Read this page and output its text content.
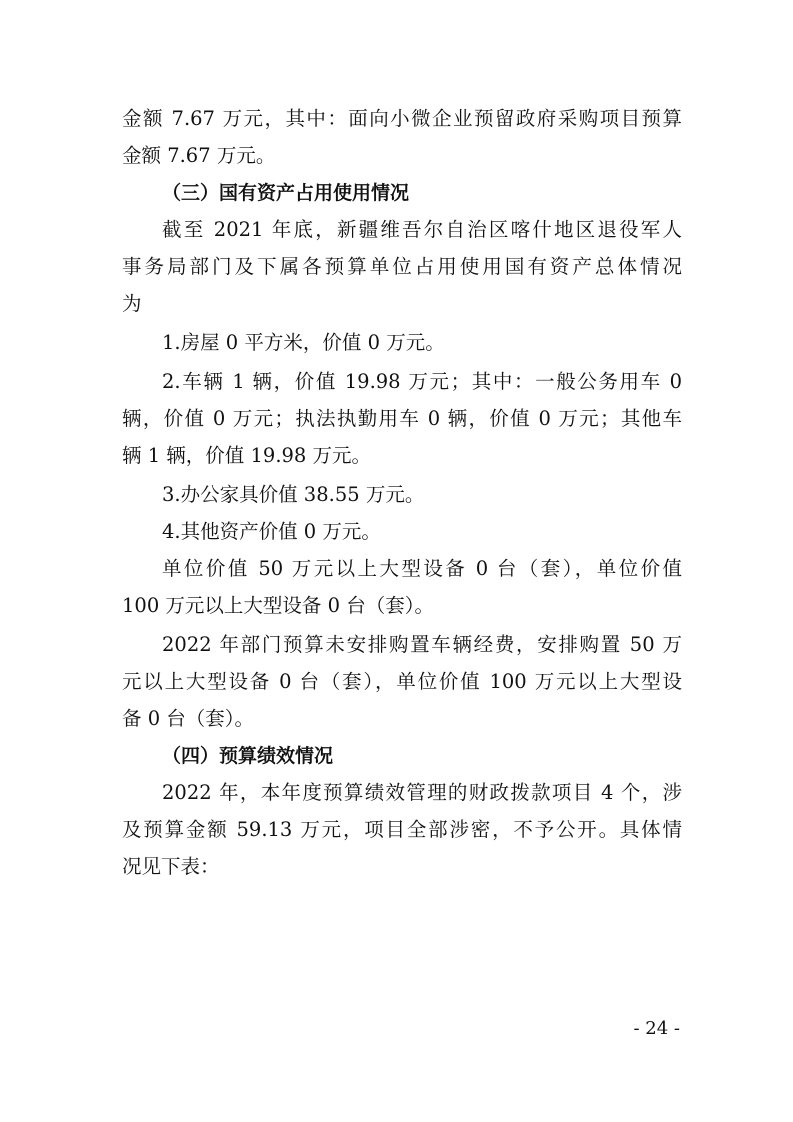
金额 7.67 万元，其中：面向小微企业预留政府采购项目预算
金额 7.67 万元。
（三）国有资产占用使用情况
截至 2021 年底，新疆维吾尔自治区喀什地区退役军人
事务局部门及下属各预算单位占用使用国有资产总体情况
为
1.房屋 0 平方米，价值 0 万元。
2.车辆 1 辆，价值 19.98 万元；其中：一般公务用车 0
辆，价值 0 万元；执法执勤用车 0 辆，价值 0 万元；其他车
辆 1 辆，价值 19.98 万元。
3.办公家具价值 38.55 万元。
4.其他资产价值 0 万元。
单位价值 50 万元以上大型设备 0 台（套），单位价值
100 万元以上大型设备 0 台（套）。
2022 年部门预算未安排购置车辆经费，安排购置 50 万
元以上大型设备 0 台（套），单位价值 100 万元以上大型设
备 0 台（套）。
（四）预算绩效情况
2022 年，本年度预算绩效管理的财政拨款项目 4 个，涉
及预算金额 59.13 万元，项目全部涉密，不予公开。具体情
况见下表：
- 24 -
